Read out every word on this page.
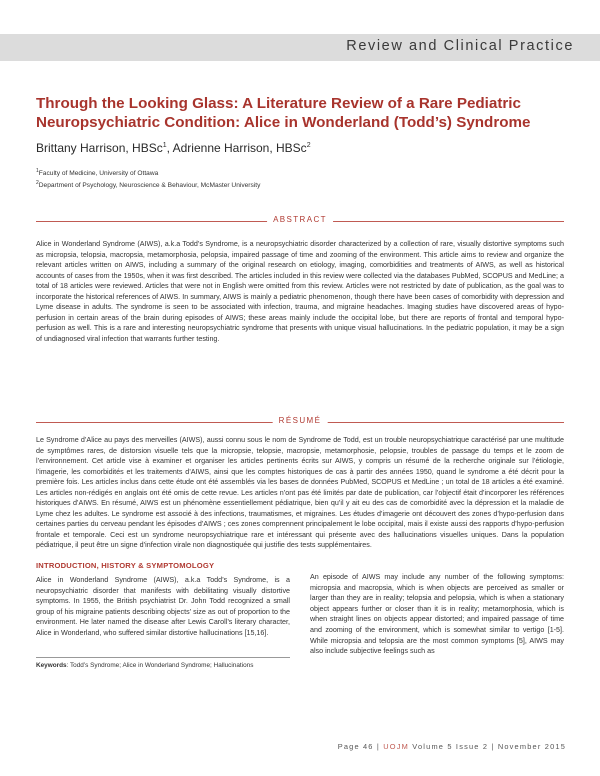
Review and Clinical Practice
Through the Looking Glass: A Literature Review of a Rare Pediatric Neuropsychiatric Condition: Alice in Wonderland (Todd’s) Syndrome
Brittany Harrison, HBSc$^1$, Adrienne Harrison, HBSc$^2$
$^1$Faculty of Medicine, University of Ottawa
$^2$Department of Psychology, Neuroscience & Behaviour, McMaster University
ABSTRACT

Alice in Wonderland Syndrome (AIWS), a.k.a Todd’s Syndrome, is a neuropsychiatric disorder characterized by a collection of rare, visually distortive symptoms such as micropsia, telopsia, macropsia, metamorphosia, pelopsia, impaired passage of time and zooming of the environment. This article aims to review and organize the relevant articles written on AIWS, including a summary of the original research on etiology, imaging, comorbidities and treatments of AIWS, as well as historical accounts of cases from the 1950s, when it was first described. The articles included in this review were collected via the databases PubMed, SCOPUS and MedLine; a total of 18 articles were reviewed. Articles that were not in English were omitted from this review. Articles were not restricted by date of publication, as the goal was to incorporate the historical references of AIWS. In summary, AIWS is mainly a pediatric phenomenon, though there have been cases of comorbidity with depression and Lyme disease in adults. The syndrome is seen to be associated with infection, trauma, and migraine headaches. Imaging studies have discovered areas of hypo-perfusion in certain areas of the brain during episodes of AIWS; these areas mainly include the occipital lobe, but there are reports of frontal and temporal hypo-perfusion as well. This is a rare and interesting neuropsychiatric syndrome that presents with unique visual hallucinations. In the pediatric population, it may be a sign of undiagnosed viral infection that warrants further testing.

RÉSUMÉ

Le Syndrome d’Alice au pays des merveilles (AIWS), aussi connu sous le nom de Syndrome de Todd, est un trouble neuropsychiatrique caractérisé par une multitude de symptômes rares, de distorsion visuelle tels que la micropsie, telopsie, macropsie, metamorphosie, pelopsie, troubles de passage du temps et le zoom de l’environnement. Cet article vise à examiner et organiser les articles pertinents écrits sur AIWS, y compris un résumé de la recherche originale sur l’étiologie, l’imagerie, les comorbidités et les traitements d’AIWS, ainsi que les comptes historiques de cas à partir des années 1950, quand le syndrome a été décrit pour la première fois. Les articles inclus dans cette étude ont été assemblés via les bases de données PubMed, SCOPUS et MedLine ; un total de 18 articles a été examiné. Les articles non-rédigés en anglais ont été omis de cette revue. Les articles n’ont pas été limités par date de publication, car l’objectif était d’incorporer les références historiques d’AIWS. En résumé, AIWS est un phénomène essentiellement pédiatrique, bien qu’il y ait eu des cas de comorbidité avec la dépression et la maladie de Lyme chez les adultes. Le syndrome est associé à des infections, traumatismes, et migraines. Les études d’imagerie ont découvert des zones d’hypo-perfusion dans certaines parties du cerveau pendant les épisodes d’AIWS ; ces zones comprennent principalement le lobe occipital, mais il existe aussi des rapports d’hypo-perfusion frontale et temporale. Ceci est un syndrome neuropsychiatrique rare et intéressant qui présente avec des hallucinations visuelles uniques. Dans la population pédiatrique, il peut être un signe d’infection virale non diagnostiquée qui justifie des tests supplémentaires.

INTRODUCTION, HISTORY & SYMPTOMOLOGY

Alice in Wonderland Syndrome (AIWS), a.k.a Todd’s Syndrome, is a neuropsychiatric disorder that manifests with debilitating visually distortive symptoms. In 1955, the British psychiatrist Dr. John Todd recognized a small group of his migraine patients describing objects’ size as out of proportion to the environment. He later named the disease after Lewis Caroll’s literary character, Alice in Wonderland, who suffered similar distortive hallucinations [15,16].

An episode of AIWS may include any number of the following symptoms: micropsia and macropsia, which is when objects are perceived as smaller or larger than they are in reality; telopsia and pelopsia, which is when a stationary object appears further or closer than it is in reality; metamorphosia, which is when straight lines on objects appear distorted; and impaired passage of time and zooming of the environment, which is somewhat similar to vertigo [1-5]. While micropsia and telopsia are the most common symptoms [5], AIWS may also include subjective feelings such as

Keywords: Todd’s Syndrome; Alice in Wonderland Syndrome; Hallucinations
Page 46 | UOJM Volume 5 Issue 2 | November 2015
